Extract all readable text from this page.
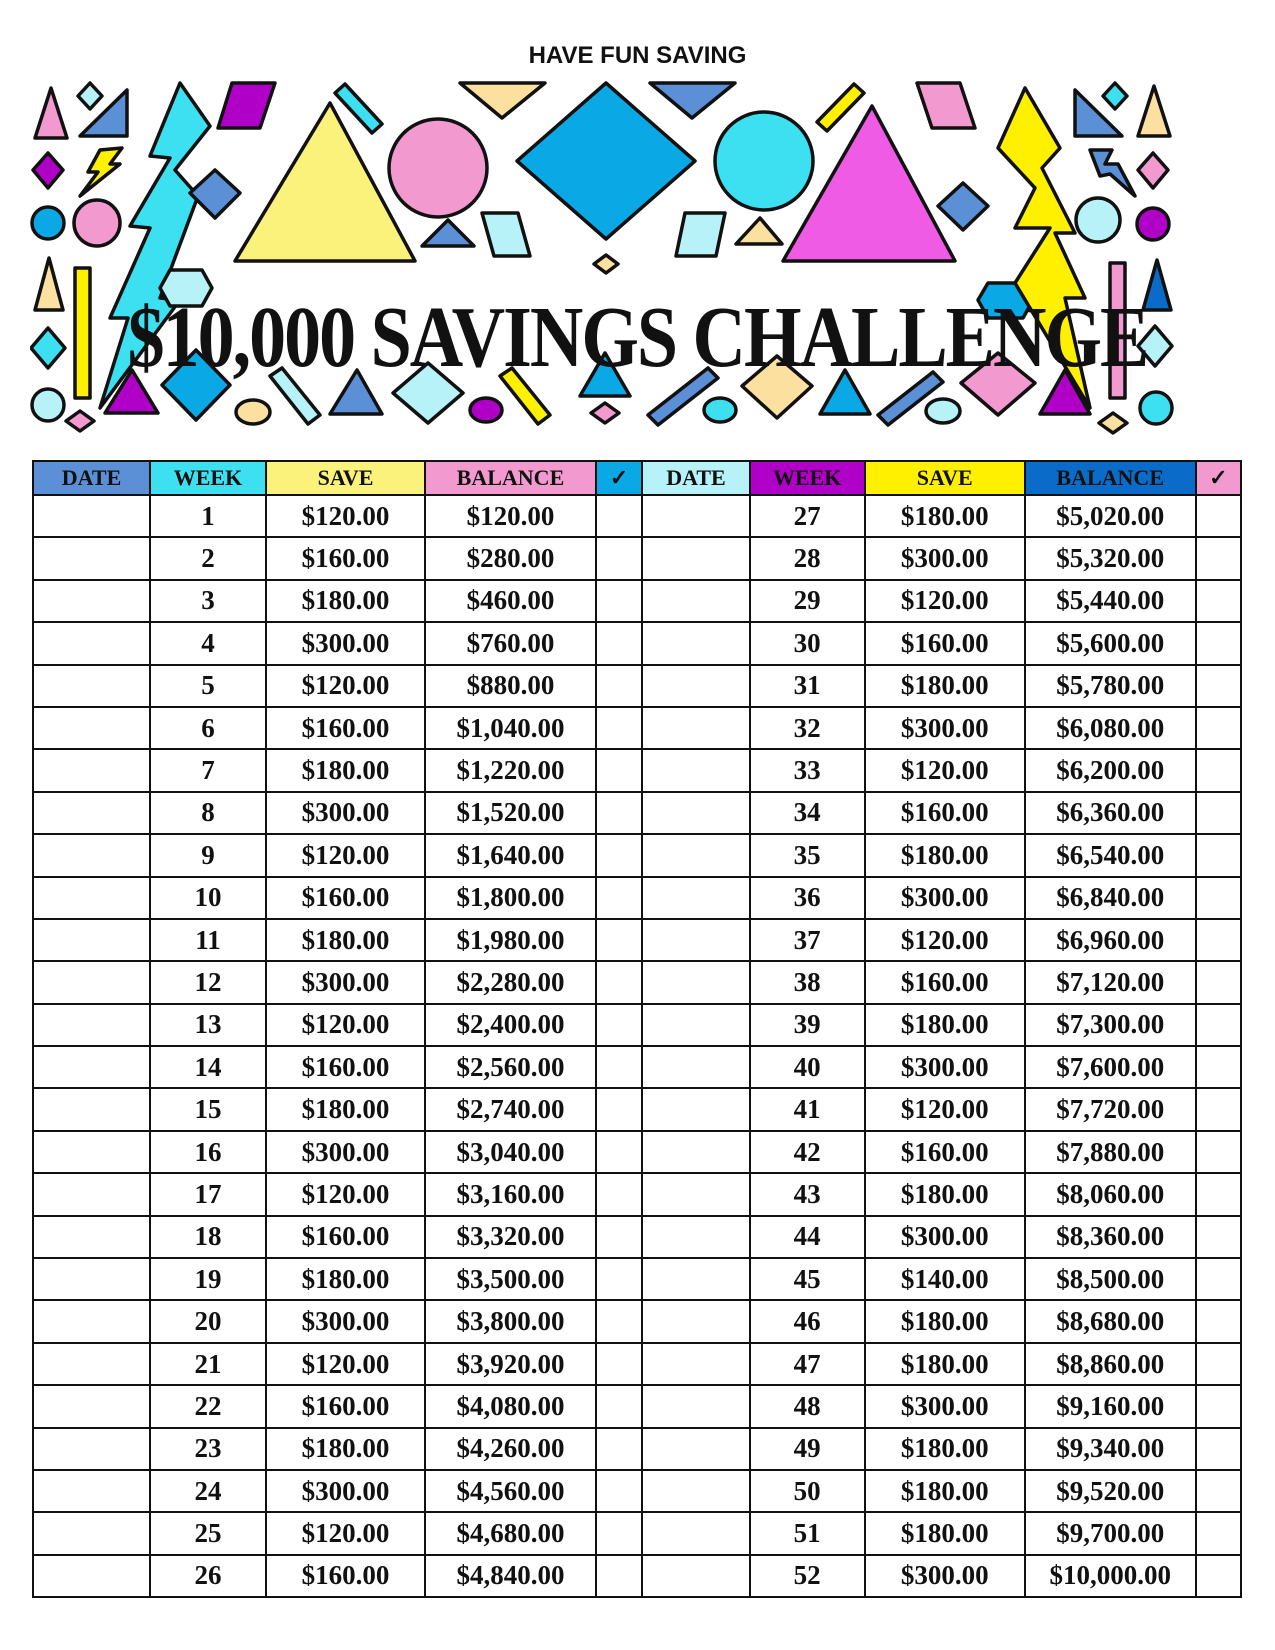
HAVE FUN SAVING
$10,000 SAVINGS CHALLENGE
DATE	WEEK	SAVE	BALANCE	✓	DATE	WEEK	SAVE	BALANCE	✓
	1	$120.00	$120.00			27	$180.00	$5,020.00	
	2	$160.00	$280.00			28	$300.00	$5,320.00	
	3	$180.00	$460.00			29	$120.00	$5,440.00	
	4	$300.00	$760.00			30	$160.00	$5,600.00	
	5	$120.00	$880.00			31	$180.00	$5,780.00	
	6	$160.00	$1,040.00			32	$300.00	$6,080.00	
	7	$180.00	$1,220.00			33	$120.00	$6,200.00	
	8	$300.00	$1,520.00			34	$160.00	$6,360.00	
	9	$120.00	$1,640.00			35	$180.00	$6,540.00	
	10	$160.00	$1,800.00			36	$300.00	$6,840.00	
	11	$180.00	$1,980.00			37	$120.00	$6,960.00	
	12	$300.00	$2,280.00			38	$160.00	$7,120.00	
	13	$120.00	$2,400.00			39	$180.00	$7,300.00	
	14	$160.00	$2,560.00			40	$300.00	$7,600.00	
	15	$180.00	$2,740.00			41	$120.00	$7,720.00	
	16	$300.00	$3,040.00			42	$160.00	$7,880.00	
	17	$120.00	$3,160.00			43	$180.00	$8,060.00	
	18	$160.00	$3,320.00			44	$300.00	$8,360.00	
	19	$180.00	$3,500.00			45	$140.00	$8,500.00	
	20	$300.00	$3,800.00			46	$180.00	$8,680.00	
	21	$120.00	$3,920.00			47	$180.00	$8,860.00	
	22	$160.00	$4,080.00			48	$300.00	$9,160.00	
	23	$180.00	$4,260.00			49	$180.00	$9,340.00	
	24	$300.00	$4,560.00			50	$180.00	$9,520.00	
	25	$120.00	$4,680.00			51	$180.00	$9,700.00	
	26	$160.00	$4,840.00			52	$300.00	$10,000.00	
